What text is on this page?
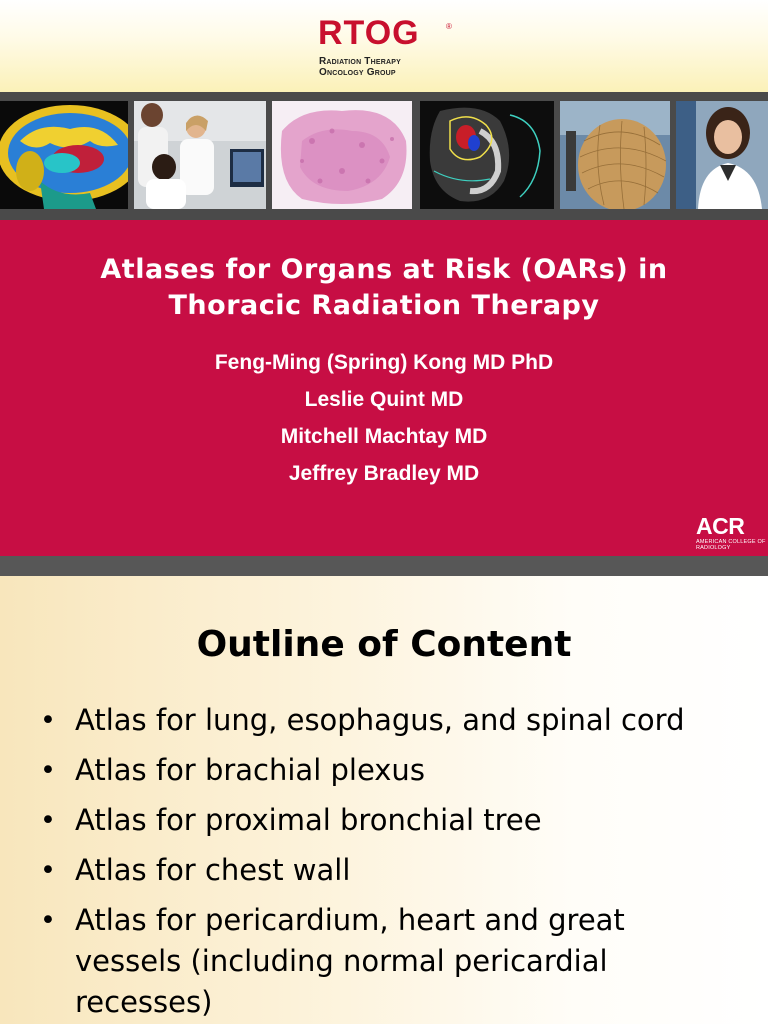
RTOG	®
Radiation Therapy
Oncology Group
Atlases for Organs at Risk (OARs) in
Thoracic Radiation Therapy
Feng-Ming (Spring) Kong MD PhD
Leslie Quint MD
Mitchell Machtay MD
Jeffrey Bradley MD
ACR
AMERICAN COLLEGE OF
RADIOLOGY
Outline of Content
• Atlas for lung, esophagus, and spinal cord
• Atlas for brachial plexus
• Atlas for proximal bronchial tree
• Atlas for chest wall
• Atlas for pericardium, heart and great vessels (including normal pericardial recesses)
